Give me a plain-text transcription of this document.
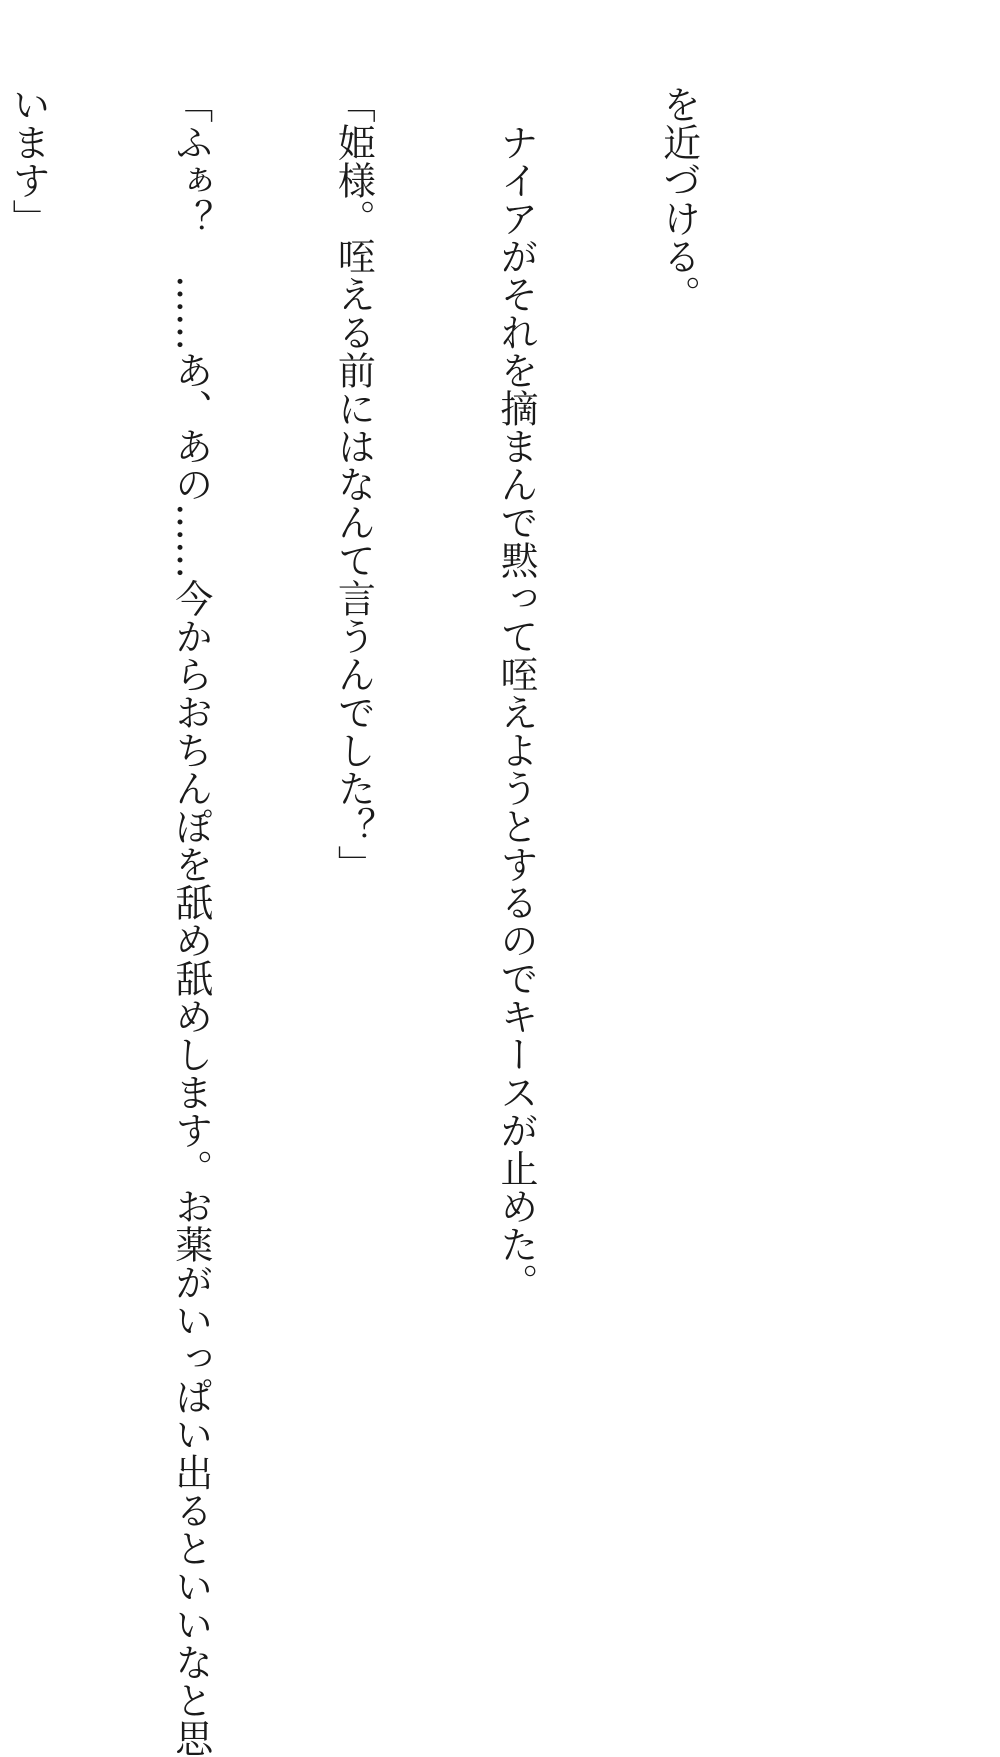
を近づける。

　ナイアがそれを摘まんで黙って咥えようとするのでキースが止めた。

「姫様。咥える前にはなんて言うんでした？」

「ふぁ？　……あ、あの……今からおちんぽを舐め舐めします。お薬がいっぱい出るといいなと思

います」
